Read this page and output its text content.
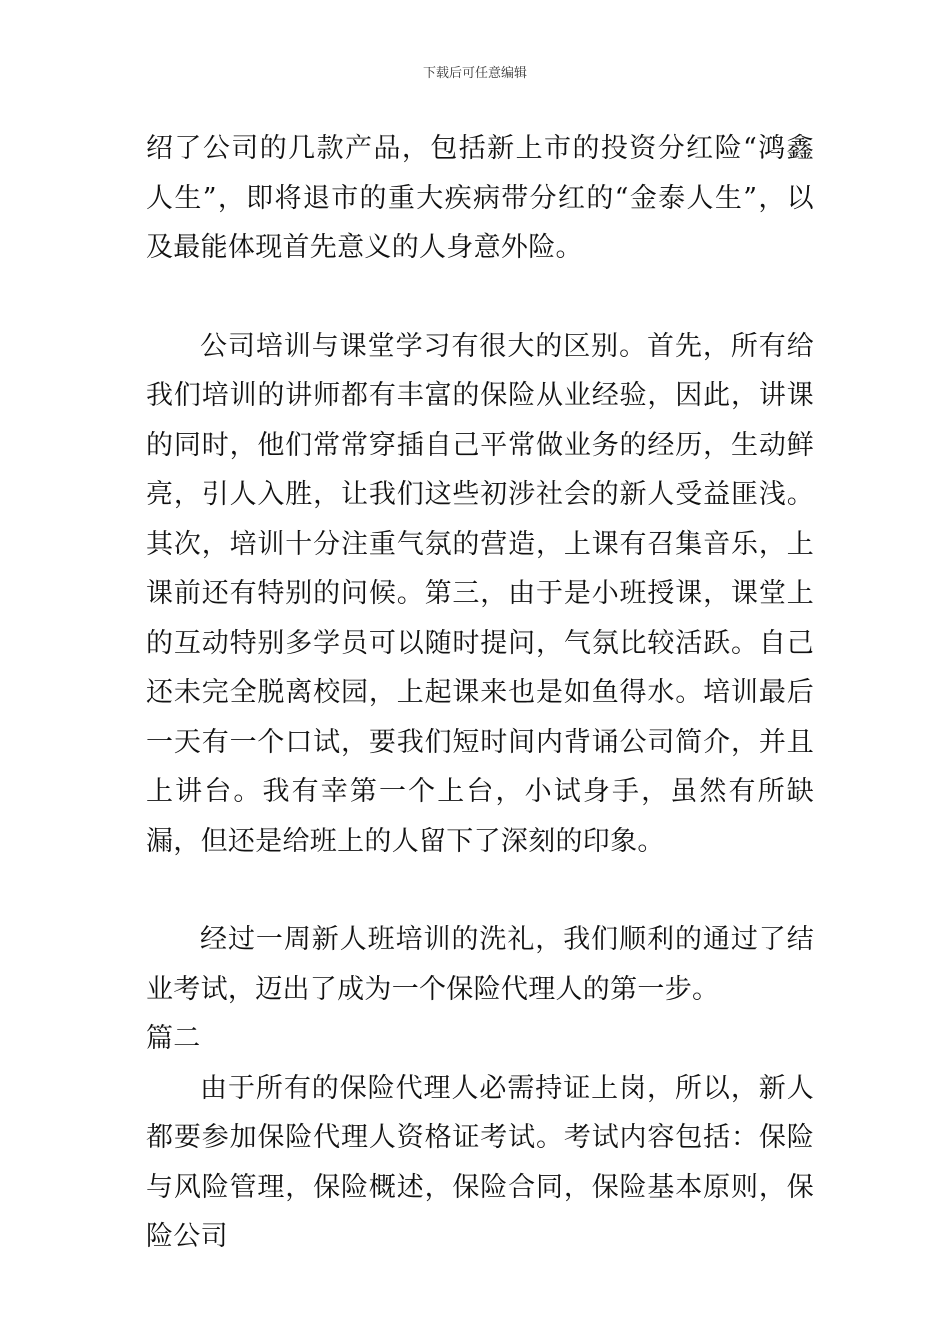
下载后可任意编辑

绍了公司的几款产品，包括新上市的投资分红险“鸿鑫人生”，即将退市的重大疾病带分红的“金泰人生”，以及最能体现首先意义的人身意外险。

公司培训与课堂学习有很大的区别。首先，所有给我们培训的讲师都有丰富的保险从业经验，因此，讲课的同时，他们常常穿插自己平常做业务的经历，生动鲜亮，引人入胜，让我们这些初涉社会的新人受益匪浅。其次，培训十分注重气氛的营造，上课有召集音乐，上课前还有特别的问候。第三，由于是小班授课，课堂上的互动特别多学员可以随时提问，气氛比较活跃。自己还未完全脱离校园，上起课来也是如鱼得水。培训最后一天有一个口试，要我们短时间内背诵公司简介，并且上讲台。我有幸第一个上台，小试身手，虽然有所缺漏，但还是给班上的人留下了深刻的印象。

经过一周新人班培训的洗礼，我们顺利的通过了结业考试，迈出了成为一个保险代理人的第一步。

篇二

由于所有的保险代理人必需持证上岗，所以，新人都要参加保险代理人资格证考试。考试内容包括：保险与风险管理，保险概述，保险合同，保险基本原则，保险公司
